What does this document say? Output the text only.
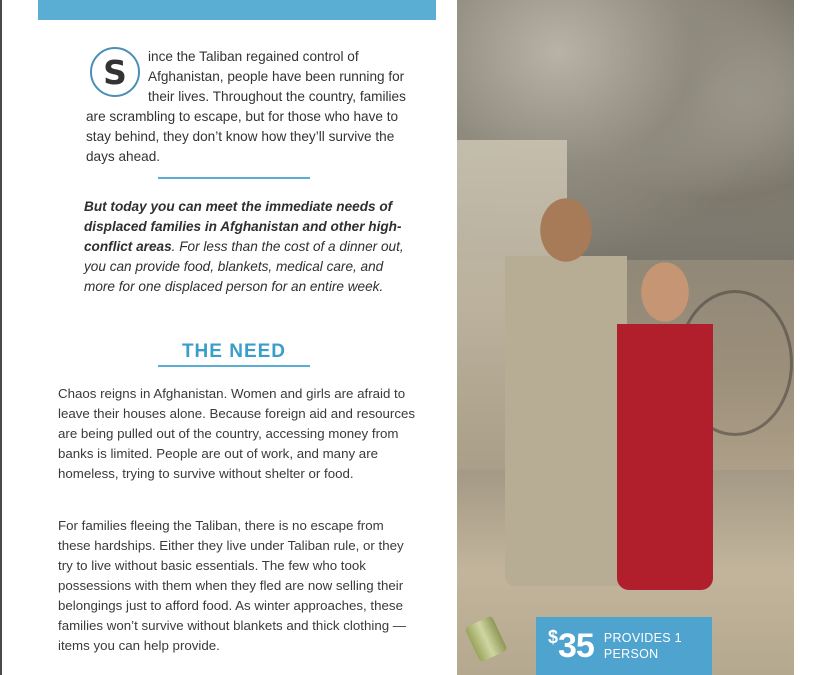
S	ince the Taliban regained control of Afghanistan, people have been running for their lives. Throughout the country, families are scrambling to escape, but for those who have to stay behind, they don’t know how they’ll survive the days ahead.

But today you can meet the immediate needs of displaced families in Afghanistan and other high-conflict areas. For less than the cost of a dinner out, you can provide food, blankets, medical care, and more for one displaced person for an entire week.

THE NEED

Chaos reigns in Afghanistan. Women and girls are afraid to leave their houses alone. Because foreign aid and resources are being pulled out of the country, accessing money from banks is limited. People are out of work, and many are homeless, trying to survive without shelter or food.

For families fleeing the Taliban, there is no escape from these hardships. Either they live under Taliban rule, or they try to live without basic essentials. The few who took possessions with them when they fled are now selling their belongings just to afford food. As winter approaches, these families won’t survive without blankets and thick clothing — items you can help provide.	$35 PROVIDES 1
PERSON
